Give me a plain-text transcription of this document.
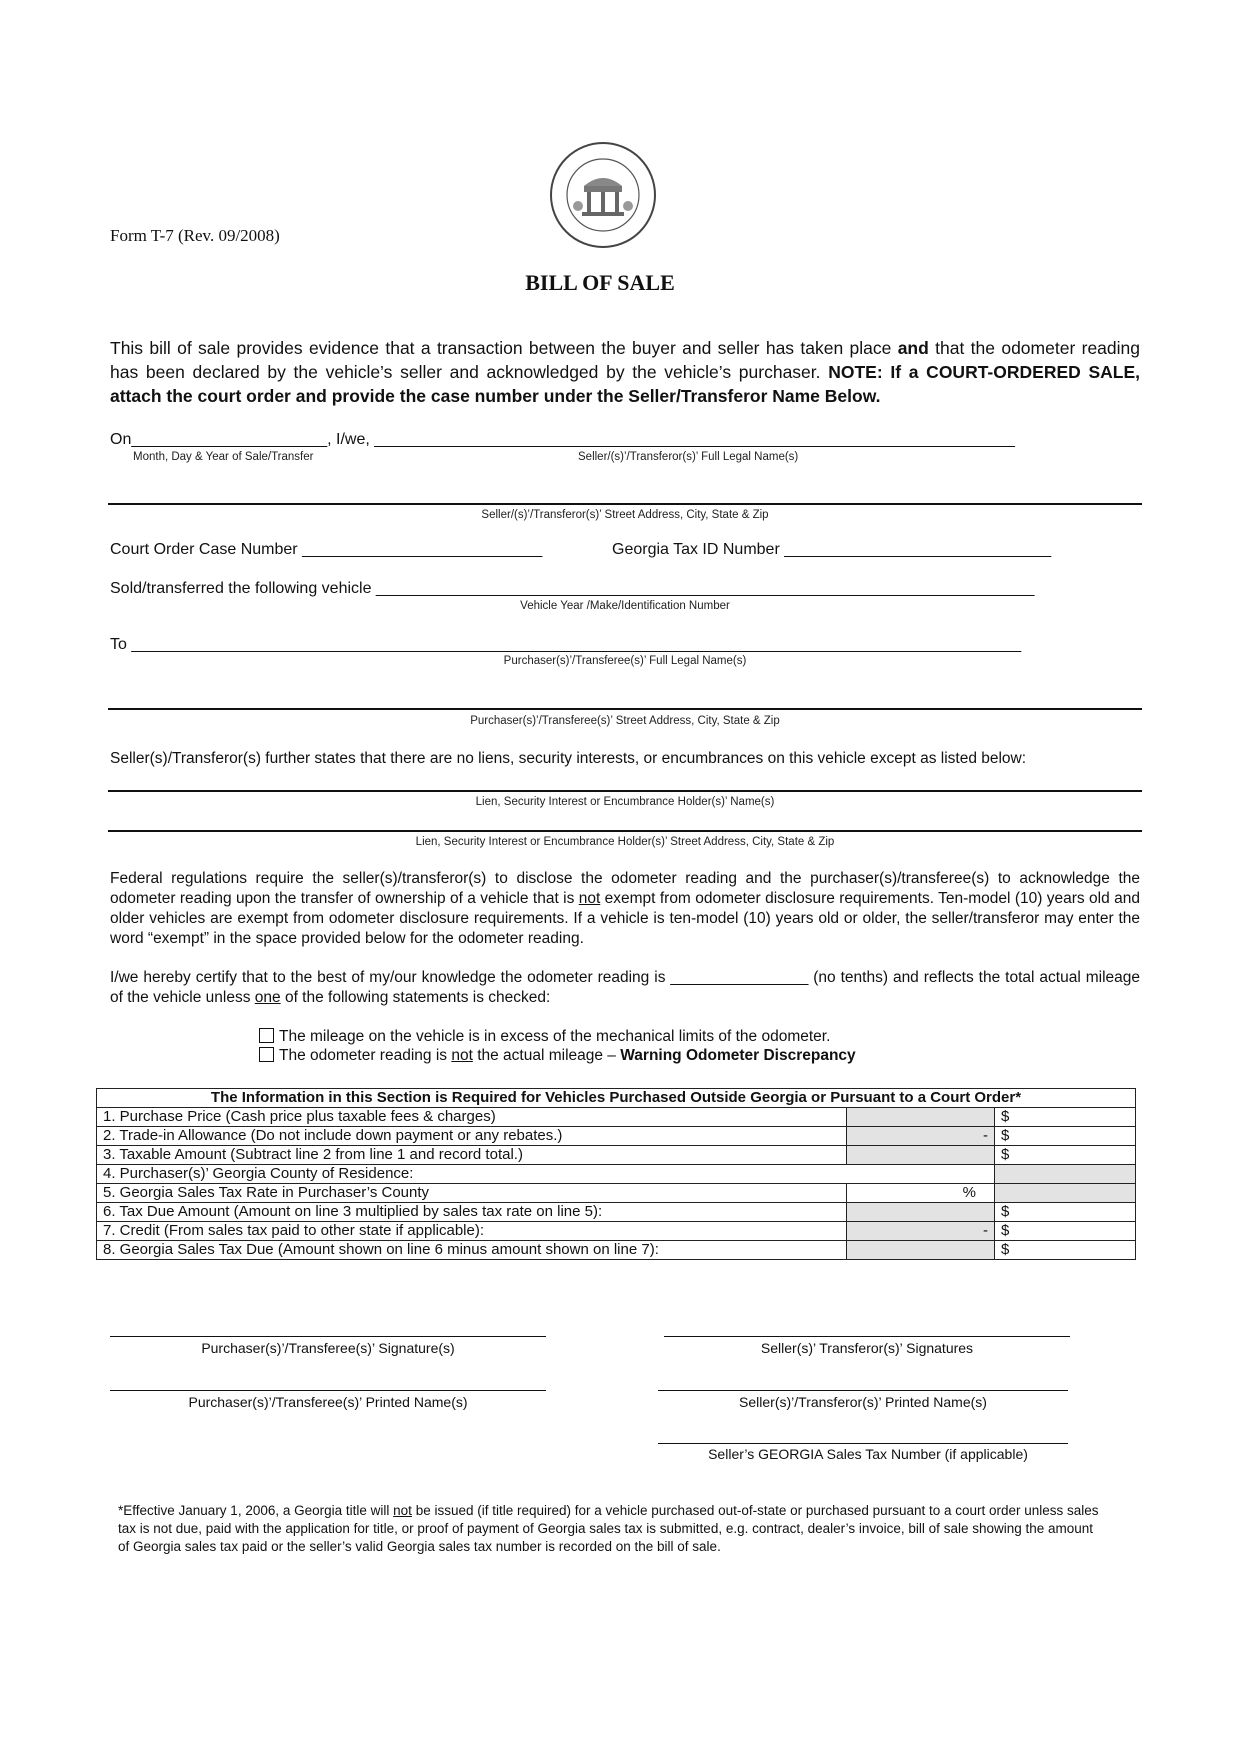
Form T-7 (Rev. 09/2008)
BILL OF SALE
This bill of sale provides evidence that a transaction between the buyer and seller has taken place and that the odometer reading has been declared by the vehicle’s seller and acknowledged by the vehicle’s purchaser. NOTE: If a COURT-ORDERED SALE, attach the court order and provide the case number under the Seller/Transferor Name Below.
On______________________, I/we, ________________________________________________________________________
Month, Day & Year of Sale/Transfer	Seller/(s)’/Transferor(s)’ Full Legal Name(s)
Seller/(s)’/Transferor(s)’ Street Address, City, State & Zip
Court Order Case Number ___________________________	Georgia Tax ID Number ______________________________
Sold/transferred the following vehicle __________________________________________________________________________
Vehicle Year /Make/Identification Number
To ____________________________________________________________________________________________________
Purchaser(s)’/Transferee(s)’ Full Legal Name(s)
Purchaser(s)’/Transferee(s)’ Street Address, City, State & Zip
Seller(s)/Transferor(s) further states that there are no liens, security interests, or encumbrances on this vehicle except as listed below:
Lien, Security Interest or Encumbrance Holder(s)’ Name(s)
Lien, Security Interest or Encumbrance Holder(s)’ Street Address, City, State & Zip
Federal regulations require the seller(s)/transferor(s) to disclose the odometer reading and the purchaser(s)/transferee(s) to acknowledge the odometer reading upon the transfer of ownership of a vehicle that is not exempt from odometer disclosure requirements. Ten-model (10) years old and older vehicles are exempt from odometer disclosure requirements. If a vehicle is ten-model (10) years old or older, the seller/transferor may enter the word “exempt” in the space provided below for the odometer reading.
I/we hereby certify that to the best of my/our knowledge the odometer reading is ________________ (no tenths) and reflects the total actual mileage of the vehicle unless one of the following statements is checked:
The mileage on the vehicle is in excess of the mechanical limits of the odometer.
The odometer reading is not the actual mileage – Warning Odometer Discrepancy
The Information in this Section is Required for Vehicles Purchased Outside Georgia or Pursuant to a Court Order*		
1. Purchase Price (Cash price plus taxable fees & charges)		$
2. Trade-in Allowance (Do not include down payment or any rebates.)	-	$
3. Taxable Amount (Subtract line 2 from line 1 and record total.)		$
4. Purchaser(s)’ Georgia County of Residence:		
5. Georgia Sales Tax Rate in Purchaser’s County	%	
6. Tax Due Amount (Amount on line 3 multiplied by sales tax rate on line 5):		$
7. Credit (From sales tax paid to other state if applicable):	-	$
8. Georgia Sales Tax Due (Amount shown on line 6 minus amount shown on line 7):		$
Purchaser(s)’/Transferee(s)’ Signature(s)	Seller(s)’ Transferor(s)’ Signatures
Purchaser(s)’/Transferee(s)’ Printed Name(s)	Seller(s)’/Transferor(s)’ Printed Name(s)
Seller’s GEORGIA Sales Tax Number (if applicable)
*Effective January 1, 2006, a Georgia title will not be issued (if title required) for a vehicle purchased out-of-state or purchased pursuant to a court order unless sales tax is not due, paid with the application for title, or proof of payment of Georgia sales tax is submitted, e.g. contract, dealer’s invoice, bill of sale showing the amount of Georgia sales tax paid or the seller’s valid Georgia sales tax number is recorded on the bill of sale.
